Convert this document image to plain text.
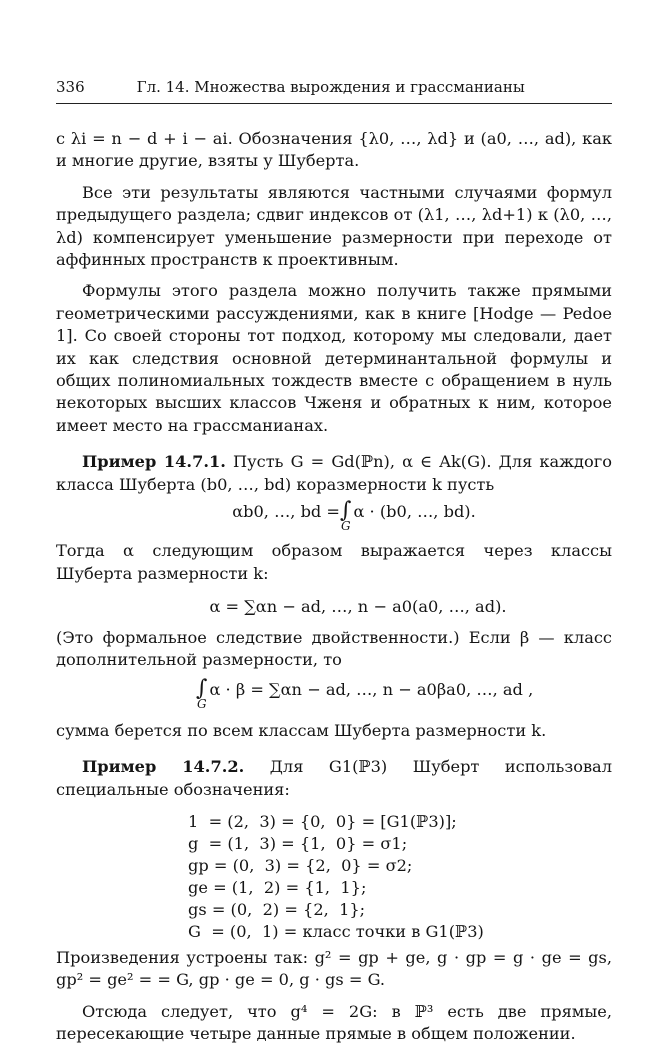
336	Гл. 14. Множества вырождения и грассманианы

с λi = n − d + i − ai. Обозначения {λ0, …, λd} и (a0, …, ad), как и многие другие, взяты у Шуберта.

Все эти результаты являются частными случаями формул предыдущего раздела; сдвиг индексов от (λ1, …, λd+1) к (λ0, …, λd) компенсирует уменьшение размерности при переходе от аффинных пространств к проективным.

Формулы этого раздела можно получить также прямыми геометрическими рассуждениями, как в книге [Hodge — Pedoe 1]. Со своей стороны тот подход, которому мы следовали, дает их как следствия основной детерминантальной формулы и общих полиномиальных тождеств вместе с обращением в нуль некоторых высших классов Чженя и обратных к ним, которое имеет место на грассманианах.

Пример 14.7.1. Пусть G = Gd(ℙn), α ∈ Ak(G). Для каждого класса Шуберта (b0, …, bd) коразмерности k пусть

αb0, …, bd = ∫
G
α · (b0, …, bd).

Тогда α следующим образом выражается через классы Шуберта размерности k:

α = ∑αn − ad, …, n − a0(a0, …, ad).

(Это формальное следствие двойственности.) Если β — класс дополнительной размерности, то

∫
G
α · β = ∑αn − ad, …, n − a0βa0, …, ad ,

сумма берется по всем классам Шуберта размерности k.

Пример 14.7.2. Для G1(ℙ3) Шуберт использовал специальные обозначения:

1  = (2,  3) = {0,  0} = [G1(ℙ3)];
g  = (1,  3) = {1,  0} = σ1;
gp = (0,  3) = {2,  0} = σ2;
ge = (1,  2) = {1,  1};
gs = (0,  2) = {2,  1};
G  = (0,  1) = класс точки в G1(ℙ3)

Произведения устроены так: g² = gp + ge, g · gp = g · ge = gs, gp² = ge² = = G, gp · ge = 0, g · gs = G.

Отсюда следует, что g⁴ = 2G: в ℙ³ есть две прямые, пересекающие четыре данные прямые в общем положении.
